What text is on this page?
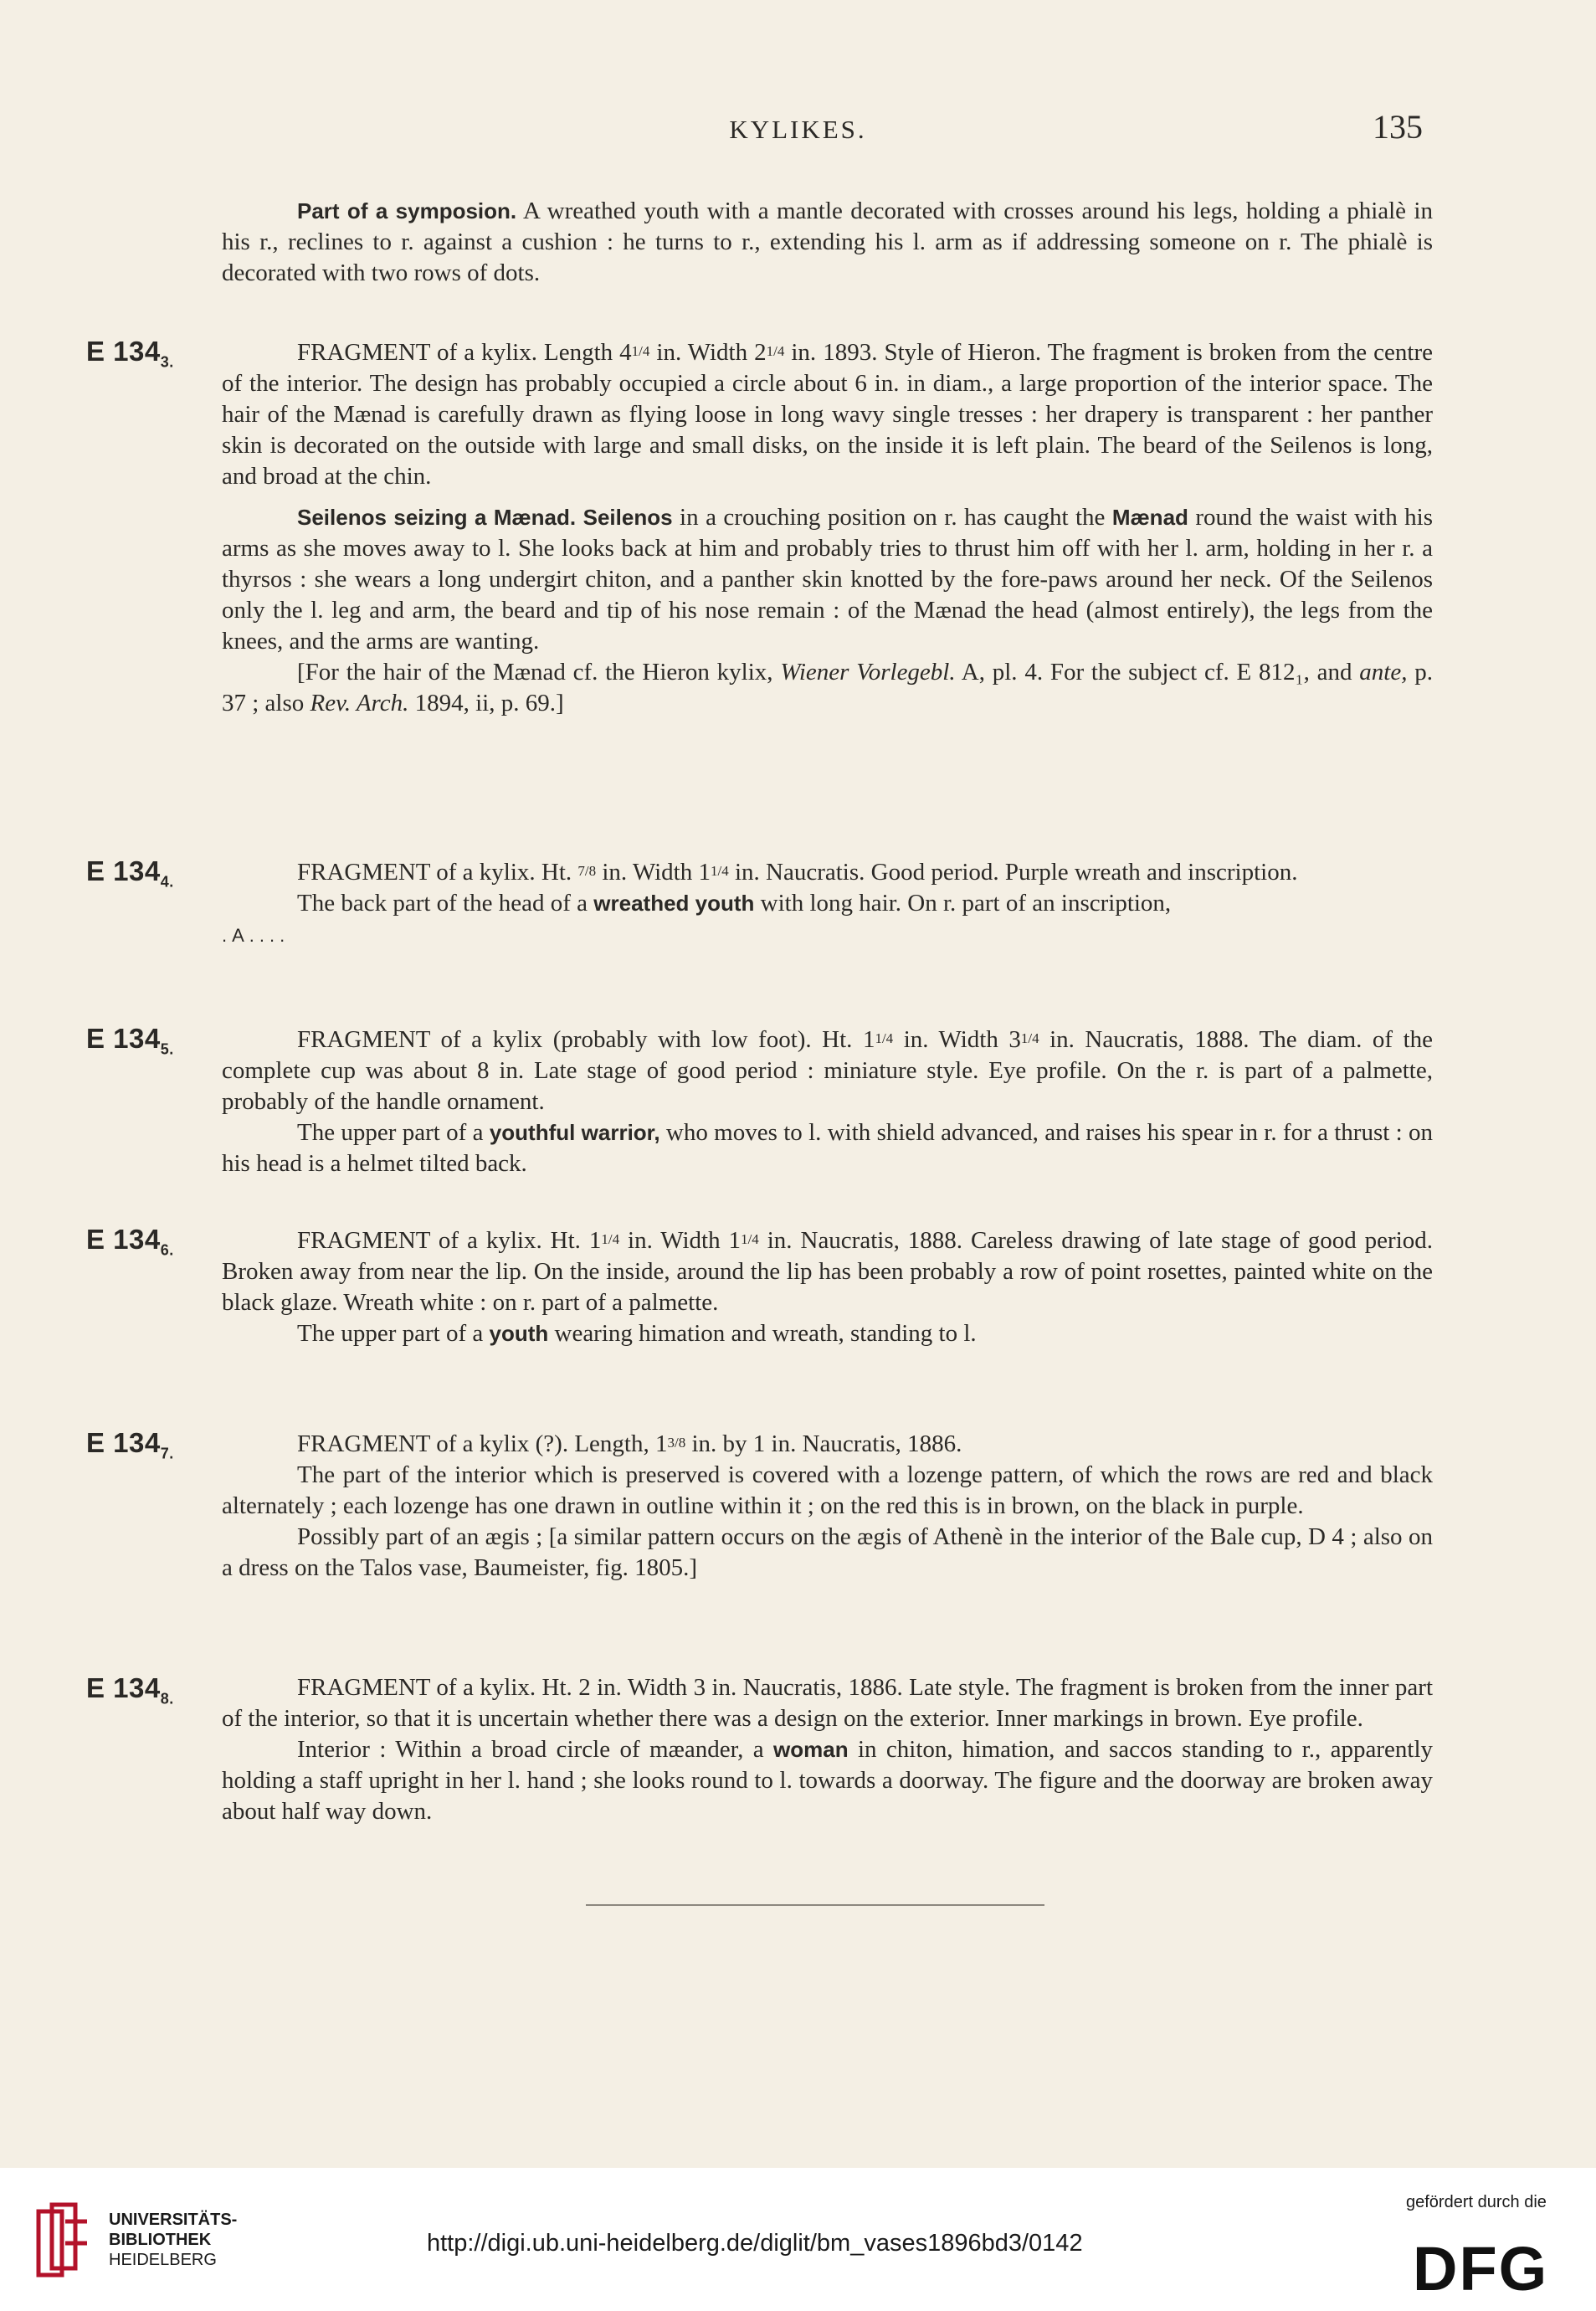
KYLIKES.	135

Part of a symposion. A wreathed youth with a mantle decorated with crosses around his legs, holding a phialè in his r., reclines to r. against a cushion : he turns to r., extending his l. arm as if addressing someone on r. The phialè is decorated with two rows of dots.

E $134_{3.}$	FRAGMENT of a kylix. Length 41/4 in. Width 21/4 in. 1893. Style of Hieron. The fragment is broken from the centre of the interior. The design has probably occupied a circle about 6 in. in diam., a large proportion of the interior space. The hair of the Mænad is carefully drawn as flying loose in long wavy single tresses : her drapery is transparent : her panther skin is decorated on the outside with large and small disks, on the inside it is left plain. The beard of the Seilenos is long, and broad at the chin.

Seilenos seizing a Mænad. Seilenos in a crouching position on r. has caught the Mænad round the waist with his arms as she moves away to l. She looks back at him and probably tries to thrust him off with her l. arm, holding in her r. a thyrsos : she wears a long undergirt chiton, and a panther skin knotted by the fore-paws around her neck. Of the Seilenos only the l. leg and arm, the beard and tip of his nose remain : of the Mænad the head (almost entirely), the legs from the knees, and the arms are wanting.

[For the hair of the Mænad cf. the Hieron kylix, Wiener Vorlegebl. A, pl. 4. For the subject cf. E 812₁, and ante, p. 37 ; also Rev. Arch. 1894, ii, p. 69.]

E $134_{4.}$	FRAGMENT of a kylix. Ht. 7/8 in. Width 11/4 in. Naucratis. Good period. Purple wreath and inscription.

The back part of the head of a wreathed youth with long hair. On r. part of an inscription,

.A....

E $134_{5.}$	FRAGMENT of a kylix (probably with low foot). Ht. 11/4 in. Width 31/4 in. Naucratis, 1888. The diam. of the complete cup was about 8 in. Late stage of good period : miniature style. Eye profile. On the r. is part of a palmette, probably of the handle ornament.

The upper part of a youthful warrior, who moves to l. with shield advanced, and raises his spear in r. for a thrust : on his head is a helmet tilted back.

E $134_{6.}$	FRAGMENT of a kylix. Ht. 11/4 in. Width 11/4 in. Naucratis, 1888. Careless drawing of late stage of good period. Broken away from near the lip. On the inside, around the lip has been probably a row of point rosettes, painted white on the black glaze. Wreath white : on r. part of a palmette.

The upper part of a youth wearing himation and wreath, standing to l.

E $134_{7.}$	FRAGMENT of a kylix (?). Length, 13/8 in. by 1 in. Naucratis, 1886.

The part of the interior which is preserved is covered with a lozenge pattern, of which the rows are red and black alternately ; each lozenge has one drawn in outline within it ; on the red this is in brown, on the black in purple.

Possibly part of an ægis ; [a similar pattern occurs on the ægis of Athenè in the interior of the Bale cup, D 4 ; also on a dress on the Talos vase, Baumeister, fig. 1805.]

E $134_{8.}$	FRAGMENT of a kylix. Ht. 2 in. Width 3 in. Naucratis, 1886. Late style. The fragment is broken from the inner part of the interior, so that it is uncertain whether there was a design on the exterior. Inner markings in brown. Eye profile.

Interior : Within a broad circle of mæander, a woman in chiton, himation, and saccos standing to r., apparently holding a staff upright in her l. hand ; she looks round to l. towards a doorway. The figure and the doorway are broken away about half way down.

UNIVERSITÄTS-
BIBLIOTHEK
HEIDELBERG
http://digi.ub.uni-heidelberg.de/diglit/bm_vases1896bd3/0142
gefördert durch die
DFG
